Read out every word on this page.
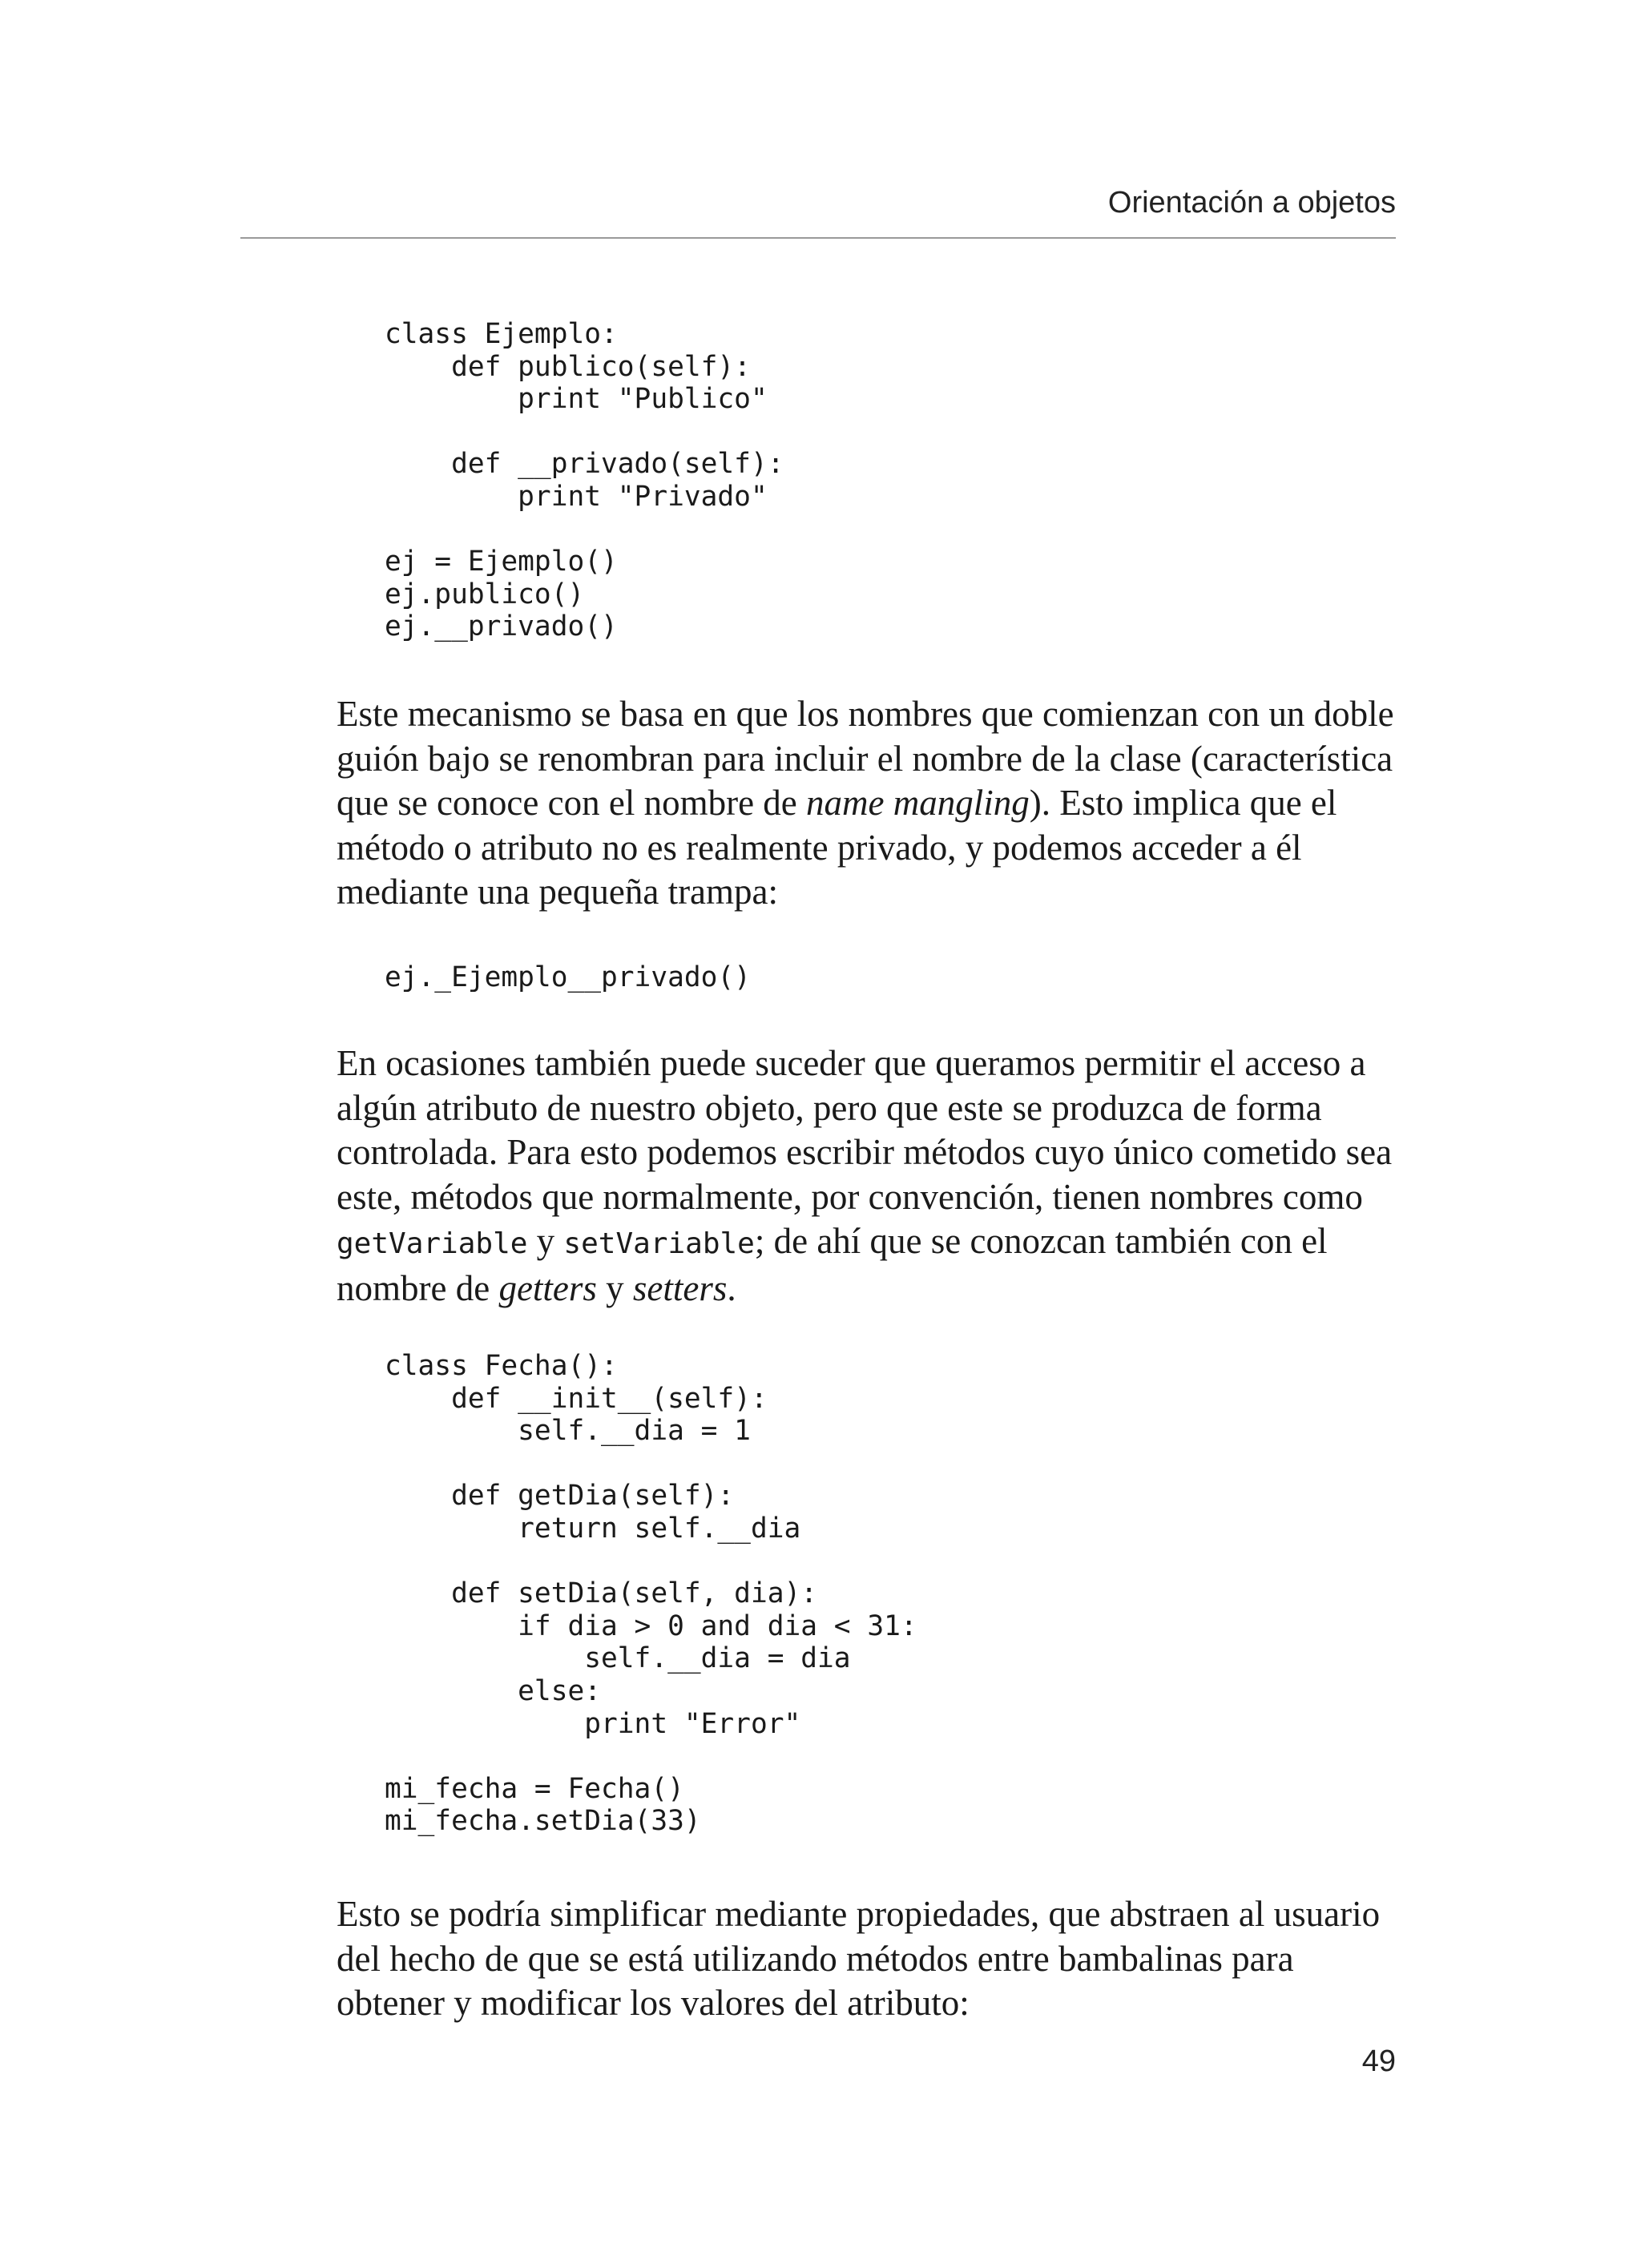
Orientación a objetos
class Ejemplo:
def publico(self):
print "Publico"

def __privado(self):
print "Privado"

ej = Ejemplo()
ej.publico()
ej.__privado()

Este mecanismo se basa en que los nombres que comienzan con un doble guión bajo se renombran para incluir el nombre de la clase (característica que se conoce con el nombre de name mangling). Esto implica que el método o atributo no es realmente privado, y podemos acceder a él mediante una pequeña trampa:

ej._Ejemplo__privado()

En ocasiones también puede suceder que queramos permitir el acceso a algún atributo de nuestro objeto, pero que este se produzca de forma controlada. Para esto podemos escribir métodos cuyo único cometido sea este, métodos que normalmente, por convención, tienen nombres como getVariable y setVariable; de ahí que se conozcan también con el nombre de getters y setters.

class Fecha():
def __init__(self):
self.__dia = 1

def getDia(self):
return self.__dia

def setDia(self, dia):
if dia > 0 and dia < 31:
self.__dia = dia
else:
print "Error"

mi_fecha = Fecha()
mi_fecha.setDia(33)

Esto se podría simplificar mediante propiedades, que abstraen al usuario del hecho de que se está utilizando métodos entre bambalinas para obtener y modificar los valores del atributo:

49
